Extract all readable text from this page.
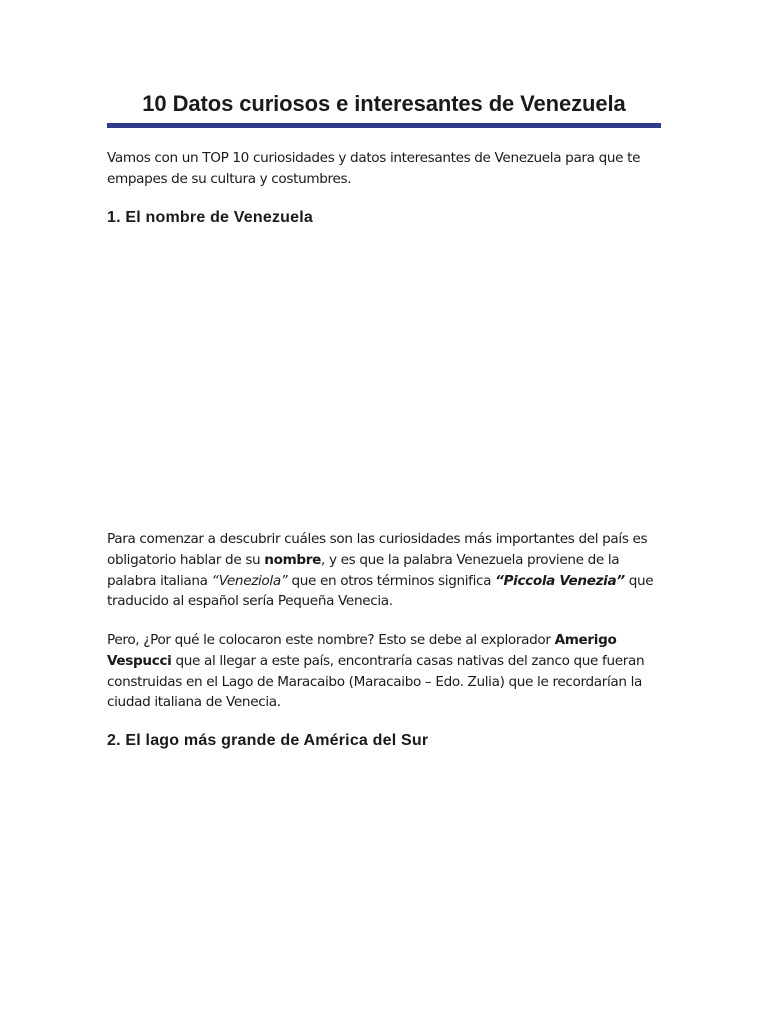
10 Datos curiosos e interesantes de Venezuela

Vamos con un TOP 10 curiosidades y datos interesantes de Venezuela para que te empapes de su cultura y costumbres.

1. El nombre de Venezuela

Para comenzar a descubrir cuáles son las curiosidades más importantes del país es obligatorio hablar de su nombre, y es que la palabra Venezuela proviene de la palabra italiana “Veneziola” que en otros términos significa “Piccola Venezia” que traducido al español sería Pequeña Venecia.

Pero, ¿Por qué le colocaron este nombre? Esto se debe al explorador Amerigo Vespucci que al llegar a este país, encontraría casas nativas del zanco que fueran construidas en el Lago de Maracaibo (Maracaibo – Edo. Zulia) que le recordarían la ciudad italiana de Venecia.

2. El lago más grande de América del Sur
